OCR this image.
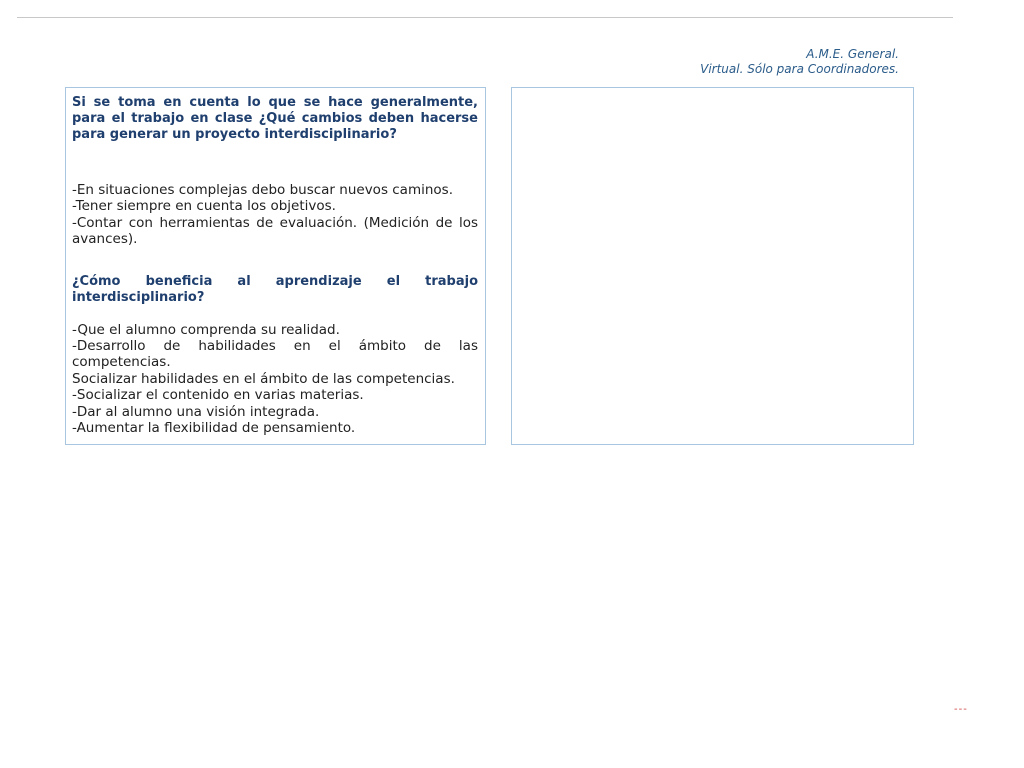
A.M.E. General.
Virtual. Sólo para Coordinadores.

Si se toma en cuenta lo que se hace generalmente, para el trabajo en clase ¿Qué cambios deben hacerse para generar un proyecto interdisciplinario?

-En situaciones complejas debo buscar nuevos caminos.
-Tener siempre en cuenta los objetivos.
-Contar con herramientas de evaluación. (Medición de los avances).

¿Cómo beneficia al aprendizaje el trabajo interdisciplinario?

-Que el alumno comprenda su realidad.
-Desarrollo de habilidades en el ámbito de las competencias.
Socializar habilidades en el ámbito de las competencias.
-Socializar el contenido en varias materias.
-Dar al alumno una visión integrada.
-Aumentar la flexibilidad de pensamiento.
---
